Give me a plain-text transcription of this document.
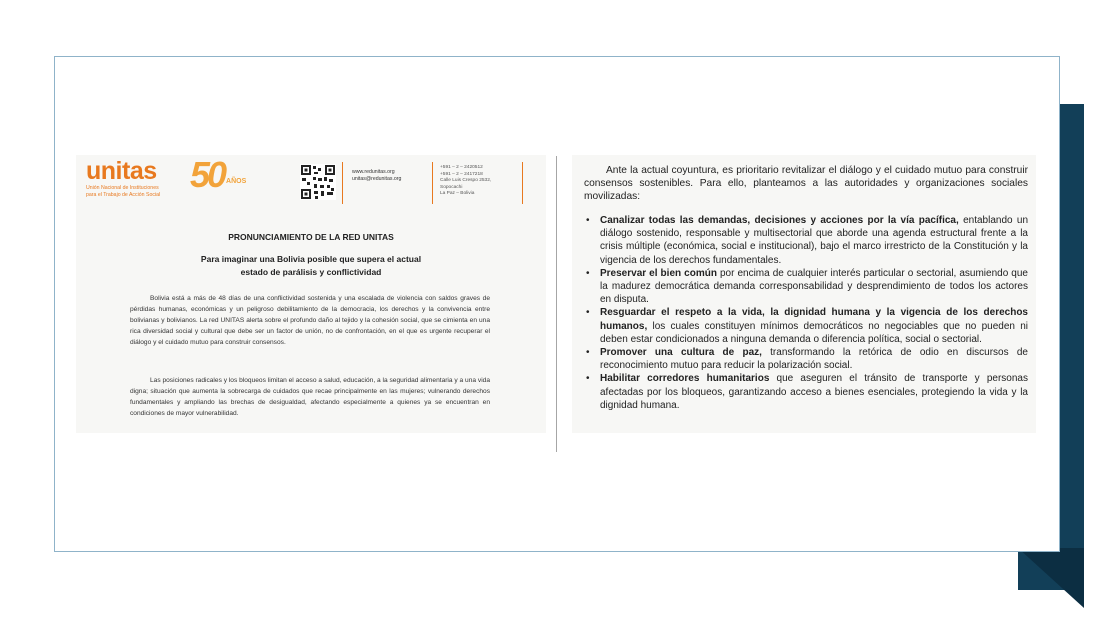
unitas
Unión Nacional de Instituciones
para el Trabajo de Acción Social 50 AÑOS
www.redunitas.org
unitas@redunitas.org
+591 – 2 – 2420512
+591 – 2 – 2417218
Calle Luis Crespo 2532,
Sopocachi
La Paz – Bolivia
PRONUNCIAMIENTO DE LA RED UNITAS
Para imaginar una Bolivia posible que supera el actual
estado de parálisis y conflictividad
Bolivia está a más de 48 días de una conflictividad sostenida y una escalada de violencia con saldos graves de pérdidas humanas, económicas y un peligroso debilitamiento de la democracia, los derechos y la convivencia entre bolivianas y bolivianos. La red UNITAS alerta sobre el profundo daño al tejido y la cohesión social, que se cimienta en una rica diversidad social y cultural que debe ser un factor de unión, no de confrontación, en el que es urgente recuperar el diálogo y el cuidado mutuo para construir consensos.
Las posiciones radicales y los bloqueos limitan el acceso a salud, educación, a la seguridad alimentaria y a una vida digna; situación que aumenta la sobrecarga de cuidados que recae principalmente en las mujeres; vulnerando derechos fundamentales y ampliando las brechas de desigualdad, afectando especialmente a quienes ya se encuentran en condiciones de mayor vulnerabilidad.
Ante la actual coyuntura, es prioritario revitalizar el diálogo y el cuidado mutuo para construir consensos sostenibles. Para ello, planteamos a las autoridades y organizaciones sociales movilizadas:
• Canalizar todas las demandas, decisiones y acciones por la vía pacífica, entablando un diálogo sostenido, responsable y multisectorial que aborde una agenda estructural frente a la crisis múltiple (económica, social e institucional), bajo el marco irrestricto de la Constitución y la vigencia de los derechos fundamentales.
• Preservar el bien común por encima de cualquier interés particular o sectorial, asumiendo que la madurez democrática demanda corresponsabilidad y desprendimiento de todos los actores en disputa.
• Resguardar el respeto a la vida, la dignidad humana y la vigencia de los derechos humanos, los cuales constituyen mínimos democráticos no negociables que no pueden ni deben estar condicionados a ninguna demanda o diferencia política, social o sectorial.
• Promover una cultura de paz, transformando la retórica de odio en discursos de reconocimiento mutuo para reducir la polarización social.
• Habilitar corredores humanitarios que aseguren el tránsito de transporte y personas afectadas por los bloqueos, garantizando acceso a bienes esenciales, protegiendo la vida y la dignidad humana.
